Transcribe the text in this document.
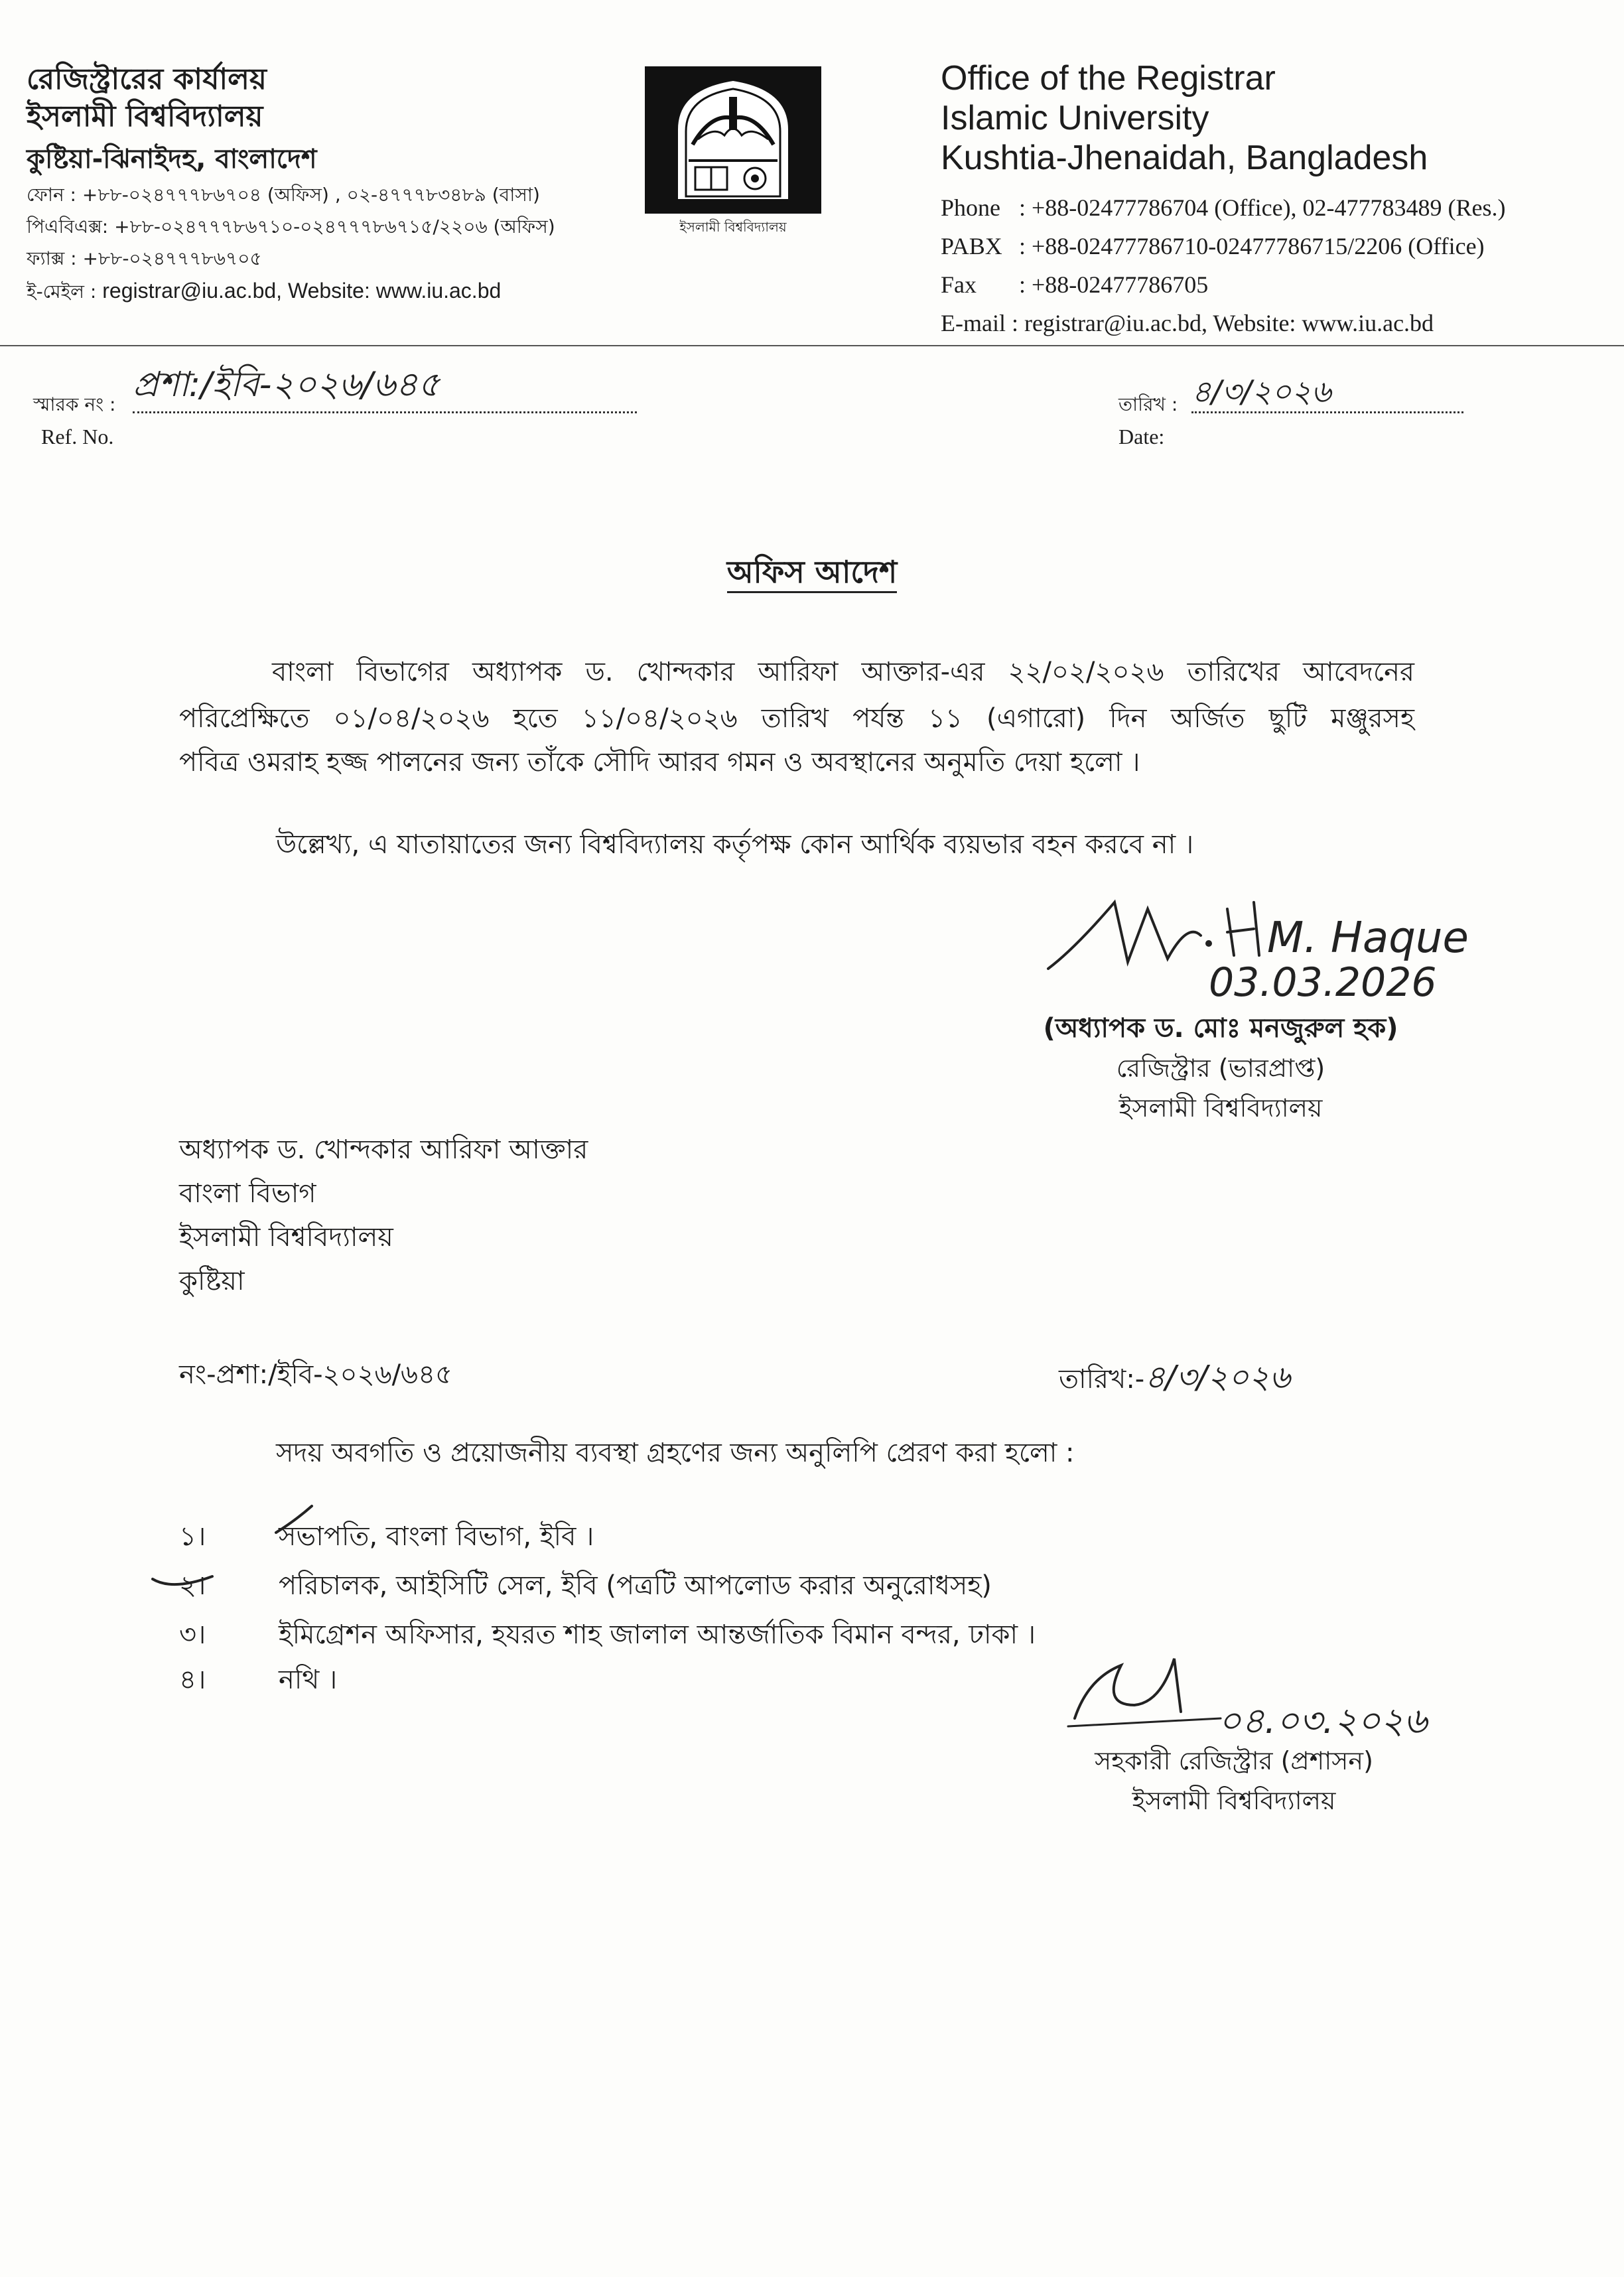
রেজিস্ট্রারের কার্যালয়
ইসলামী বিশ্ববিদ্যালয়
কুষ্টিয়া-ঝিনাইদহ, বাংলাদেশ
ফোন : +৮৮-০২৪৭৭৭৮৬৭০৪ (অফিস) , ০২-৪৭৭৭৮৩৪৮৯ (বাসা)
পিএবিএক্স: +৮৮-০২৪৭৭৭৮৬৭১০-০২৪৭৭৭৮৬৭১৫/২২০৬ (অফিস)
ফ্যাক্স : +৮৮-০২৪৭৭৭৮৬৭০৫
ই-মেইল : registrar@iu.ac.bd, Website: www.iu.ac.bd
ইসলামী বিশ্ববিদ্যালয়
Office of the Registrar
Islamic University
Kushtia-Jhenaidah, Bangladesh
Phone : +88-02477786704 (Office), 02-477783489 (Res.)
PABX : +88-02477786710-02477786715/2206 (Office)
Fax : +88-02477786705
E-mail : registrar@iu.ac.bd, Website: www.iu.ac.bd
স্মারক নং :
Ref. No.
প্রশা:/ইবি-২০২৬/৬৪৫	তারিখ :
Date:
৪/৩/২০২৬
অফিস আদেশ
বাংলা বিভাগের অধ্যাপক ড. খোন্দকার আরিফা আক্তার-এর ২২/০২/২০২৬ তারিখের আবেদনের
পরিপ্রেক্ষিতে ০১/০৪/২০২৬ হতে ১১/০৪/২০২৬ তারিখ পর্যন্ত ১১ (এগারো) দিন অর্জিত ছুটি মঞ্জুরসহ
পবিত্র ওমরাহ হজ্জ পালনের জন্য তাঁকে সৌদি আরব গমন ও অবস্থানের অনুমতি দেয়া হলো ।
উল্লেখ্য, এ যাতায়াতের জন্য বিশ্ববিদ্যালয় কর্তৃপক্ষ কোন আর্থিক ব্যয়ভার বহন করবে না ।
M. Haque
03.03.2026
(অধ্যাপক ড. মোঃ মনজুরুল হক)
রেজিস্ট্রার (ভারপ্রাপ্ত)
ইসলামী বিশ্ববিদ্যালয়
অধ্যাপক ড. খোন্দকার আরিফা আক্তার
বাংলা বিভাগ
ইসলামী বিশ্ববিদ্যালয়
কুষ্টিয়া
নং-প্রশা:/ইবি-২০২৬/৬৪৫	তারিখ:-৪/৩/২০২৬
সদয় অবগতি ও প্রয়োজনীয় ব্যবস্থা গ্রহণের জন্য অনুলিপি প্রেরণ করা হলো :
১।	সভাপতি, বাংলা বিভাগ, ইবি ।
২।	পরিচালক, আইসিটি সেল, ইবি (পত্রটি আপলোড করার অনুরোধসহ)
৩।	ইমিগ্রেশন অফিসার, হযরত শাহ জালাল আন্তর্জাতিক বিমান বন্দর, ঢাকা ।
৪।	নথি ।
০৪.০৩.২০২৬
সহকারী রেজিস্ট্রার (প্রশাসন)
ইসলামী বিশ্ববিদ্যালয়
